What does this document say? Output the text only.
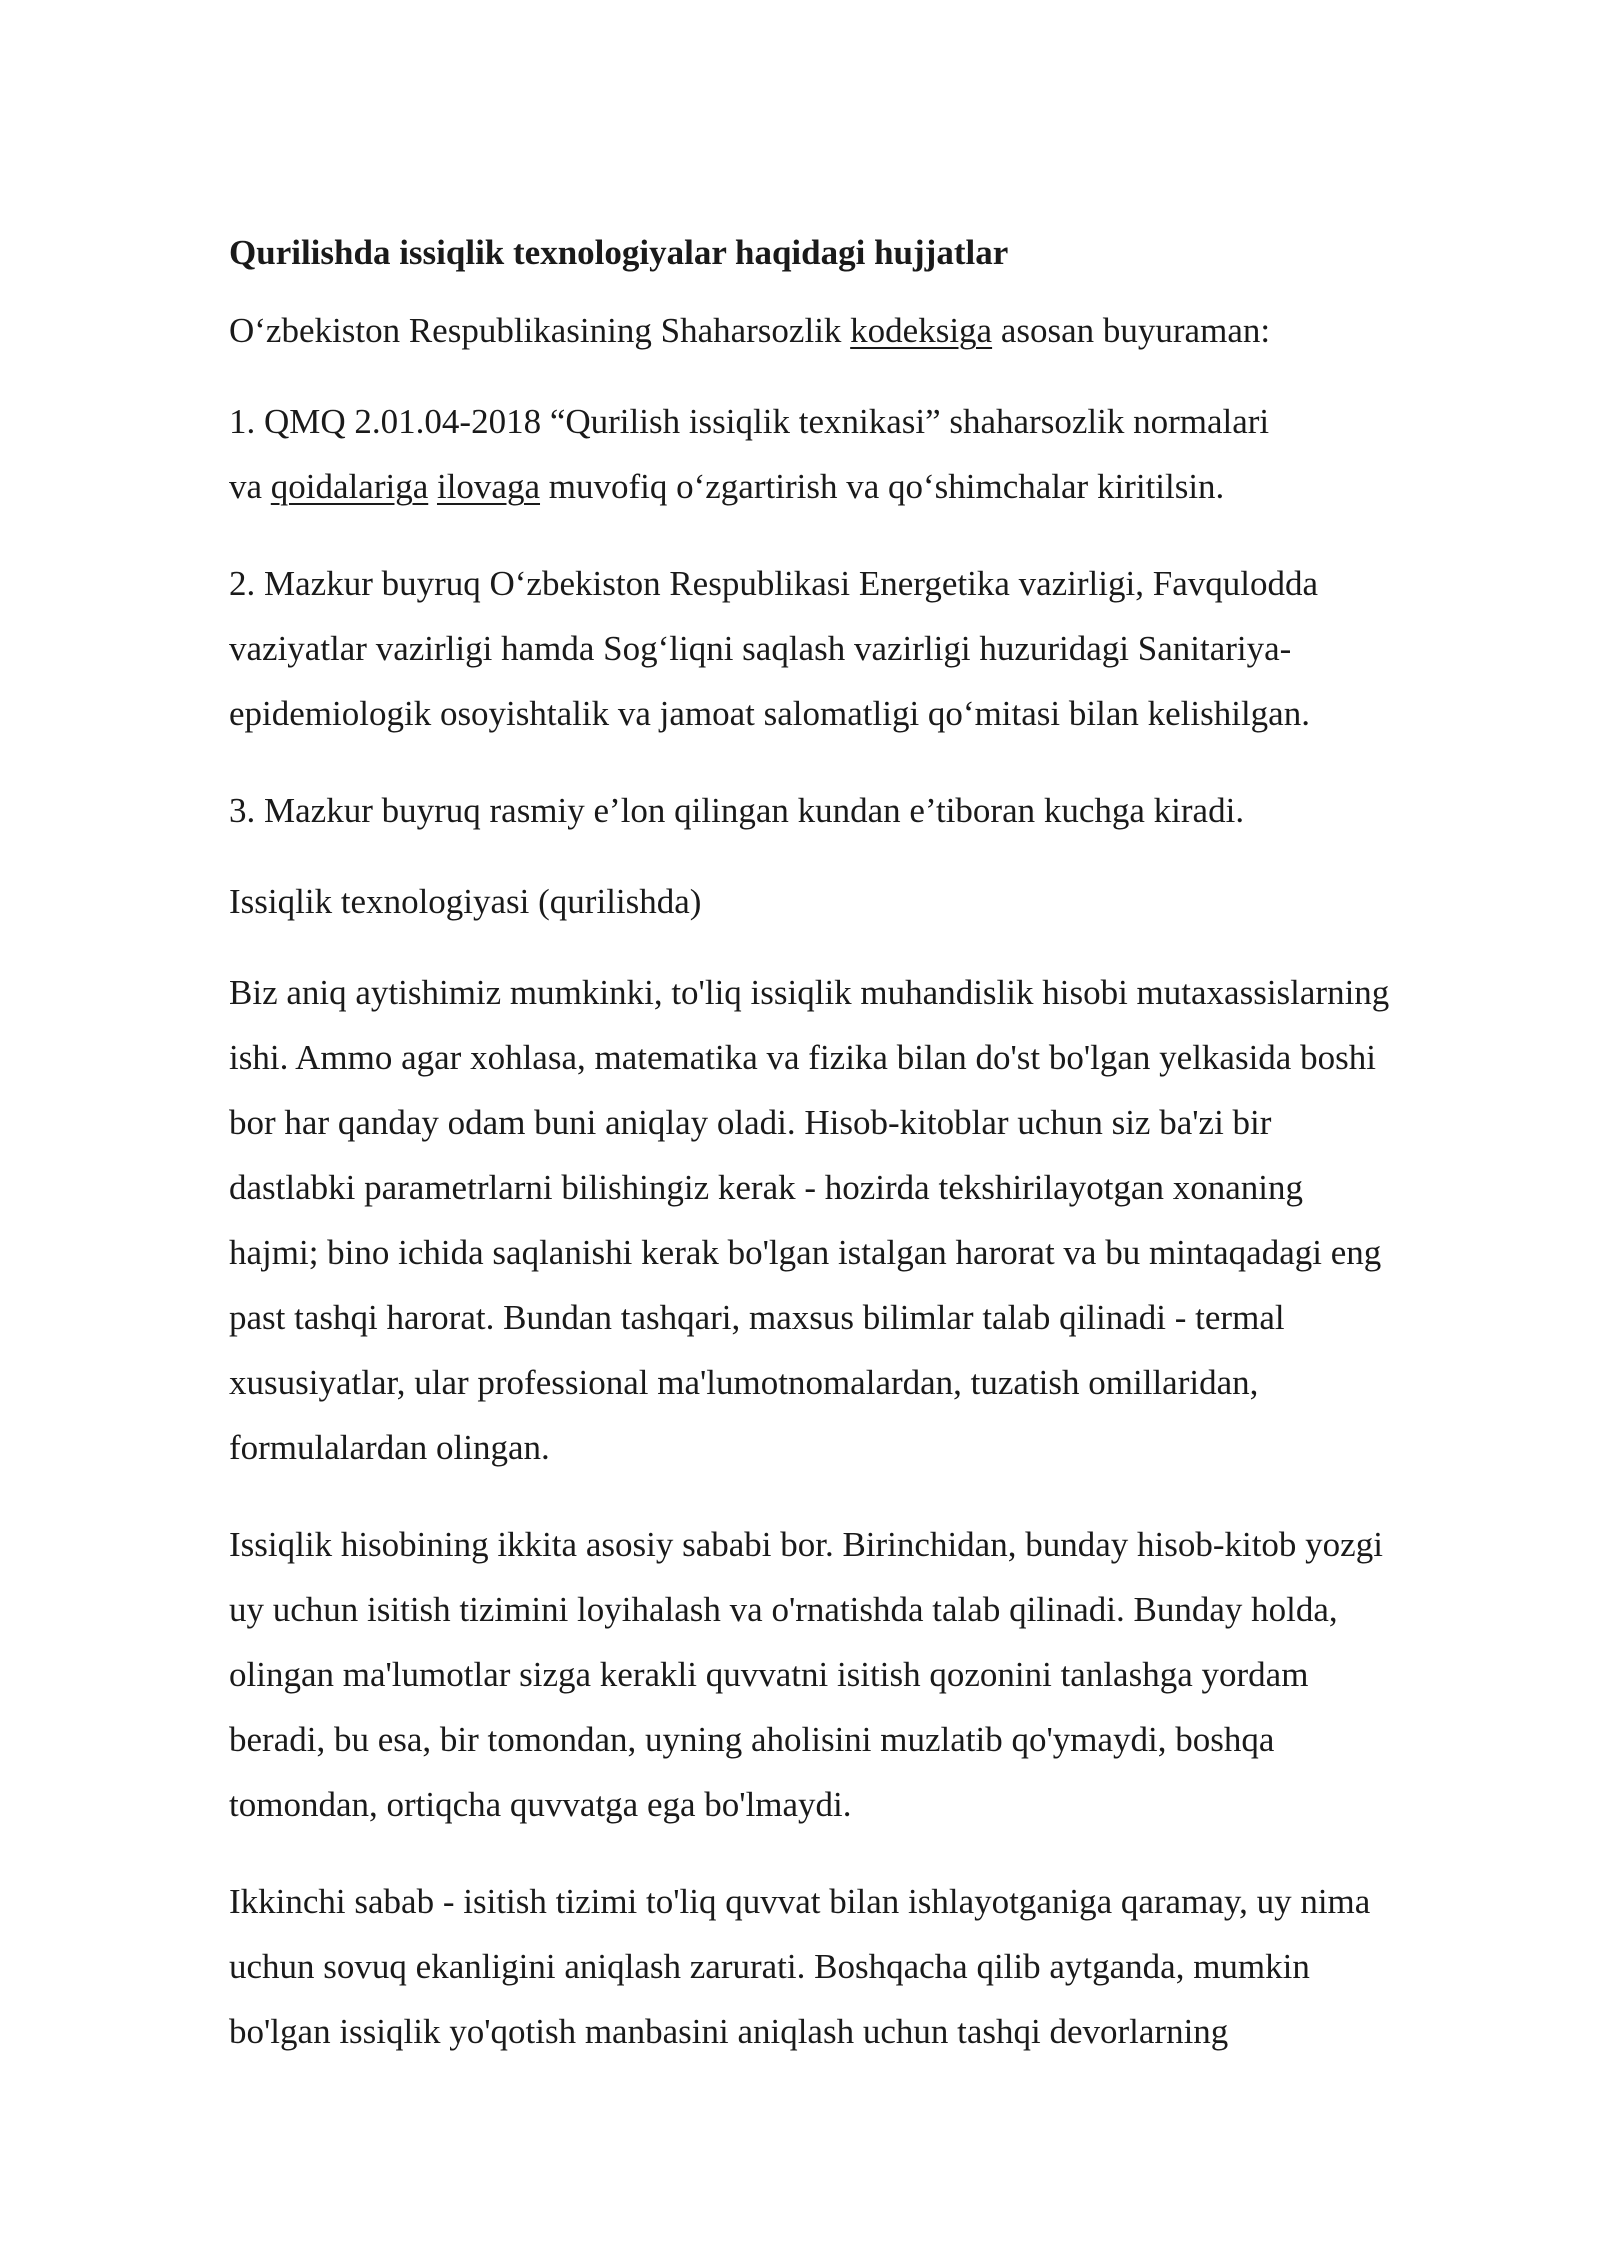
Qurilishda issiqlik texnologiyalar haqidagi hujjatlar

O‘zbekiston Respublikasining Shaharsozlik kodeksiga asosan buyuraman:

1. QMQ 2.01.04-2018 “Qurilish issiqlik texnikasi” shaharsozlik normalari
va qoidalariga ilovaga muvofiq o‘zgartirish va qo‘shimchalar kiritilsin.

2. Mazkur buyruq O‘zbekiston Respublikasi Energetika vazirligi, Favqulodda
vaziyatlar vazirligi hamda Sog‘liqni saqlash vazirligi huzuridagi Sanitariya-
epidemiologik osoyishtalik va jamoat salomatligi qo‘mitasi bilan kelishilgan.

3. Mazkur buyruq rasmiy e’lon qilingan kundan e’tiboran kuchga kiradi.

Issiqlik texnologiyasi (qurilishda)

Biz aniq aytishimiz mumkinki, to'liq issiqlik muhandislik hisobi mutaxassislarning
ishi. Ammo agar xohlasa, matematika va fizika bilan do'st bo'lgan yelkasida boshi
bor har qanday odam buni aniqlay oladi. Hisob-kitoblar uchun siz ba'zi bir
dastlabki parametrlarni bilishingiz kerak - hozirda tekshirilayotgan xonaning
hajmi; bino ichida saqlanishi kerak bo'lgan istalgan harorat va bu mintaqadagi eng
past tashqi harorat. Bundan tashqari, maxsus bilimlar talab qilinadi - termal
xususiyatlar, ular professional ma'lumotnomalardan, tuzatish omillaridan,
formulalardan olingan.

Issiqlik hisobining ikkita asosiy sababi bor. Birinchidan, bunday hisob-kitob yozgi
uy uchun isitish tizimini loyihalash va o'rnatishda talab qilinadi. Bunday holda,
olingan ma'lumotlar sizga kerakli quvvatni isitish qozonini tanlashga yordam
beradi, bu esa, bir tomondan, uyning aholisini muzlatib qo'ymaydi, boshqa
tomondan, ortiqcha quvvatga ega bo'lmaydi.

Ikkinchi sabab - isitish tizimi to'liq quvvat bilan ishlayotganiga qaramay, uy nima
uchun sovuq ekanligini aniqlash zarurati. Boshqacha qilib aytganda, mumkin
bo'lgan issiqlik yo'qotish manbasini aniqlash uchun tashqi devorlarning
